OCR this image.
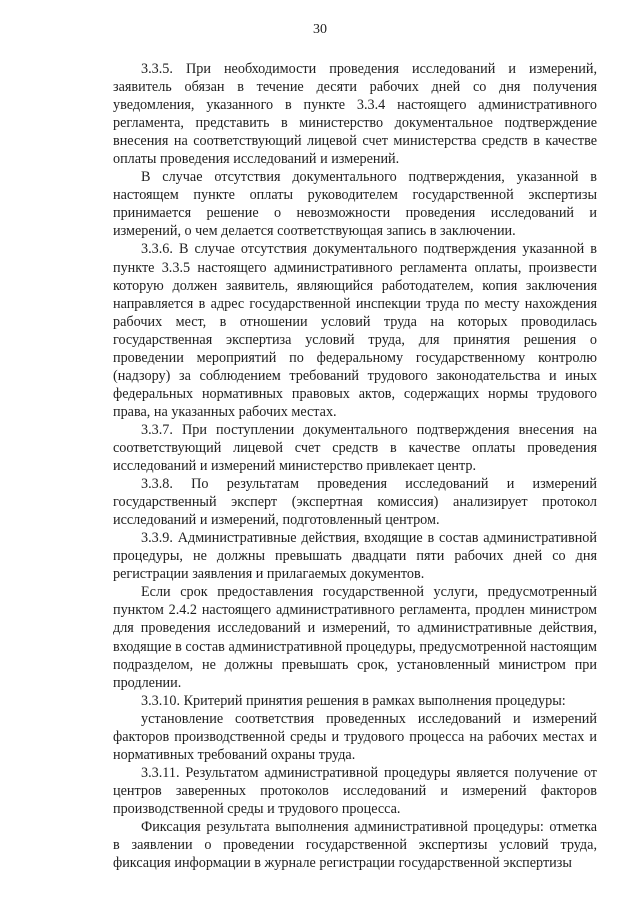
30

3.3.5. При необходимости проведения исследований и измерений, заявитель обязан в течение десяти рабочих дней со дня получения уведомления, указанного в пункте 3.3.4 настоящего административного регламента, представить в министерство документальное подтверждение внесения на соответствующий лицевой счет министерства средств в качестве оплаты проведения исследований и измерений.

В случае отсутствия документального подтверждения, указанной в настоящем пункте оплаты руководителем государственной экспертизы принимается решение о невозможности проведения исследований и измерений, о чем делается соответствующая запись в заключении.

3.3.6. В случае отсутствия документального подтверждения указанной в пункте 3.3.5 настоящего административного регламента оплаты, произвести которую должен заявитель, являющийся работодателем, копия заключения направляется в адрес государственной инспекции труда по месту нахождения рабочих мест, в отношении условий труда на которых проводилась государственная экспертиза условий труда, для принятия решения о проведении мероприятий по федеральному государственному контролю (надзору) за соблюдением требований трудового законодательства и иных федеральных нормативных правовых актов, содержащих нормы трудового права, на указанных рабочих местах.

3.3.7. При поступлении документального подтверждения внесения на соответствующий лицевой счет средств в качестве оплаты проведения исследований и измерений министерство привлекает центр.

3.3.8. По результатам проведения исследований и измерений государственный эксперт (экспертная комиссия) анализирует протокол исследований и измерений, подготовленный центром.

3.3.9. Административные действия, входящие в состав административной процедуры, не должны превышать двадцати пяти рабочих дней со дня регистрации заявления и прилагаемых документов.

Если срок предоставления государственной услуги, предусмотренный пунктом 2.4.2 настоящего административного регламента, продлен министром для проведения исследований и измерений, то административные действия, входящие в состав административной процедуры, предусмотренной настоящим подразделом, не должны превышать срок, установленный министром при продлении.

3.3.10. Критерий принятия решения в рамках выполнения процедуры:

установление соответствия проведенных исследований и измерений факторов производственной среды и трудового процесса на рабочих местах и нормативных требований охраны труда.

3.3.11. Результатом административной процедуры является получение от центров заверенных протоколов исследований и измерений факторов производственной среды и трудового процесса.

Фиксация результата выполнения административной процедуры: отметка в заявлении о проведении государственной экспертизы условий труда, фиксация информации в журнале регистрации государственной экспертизы
